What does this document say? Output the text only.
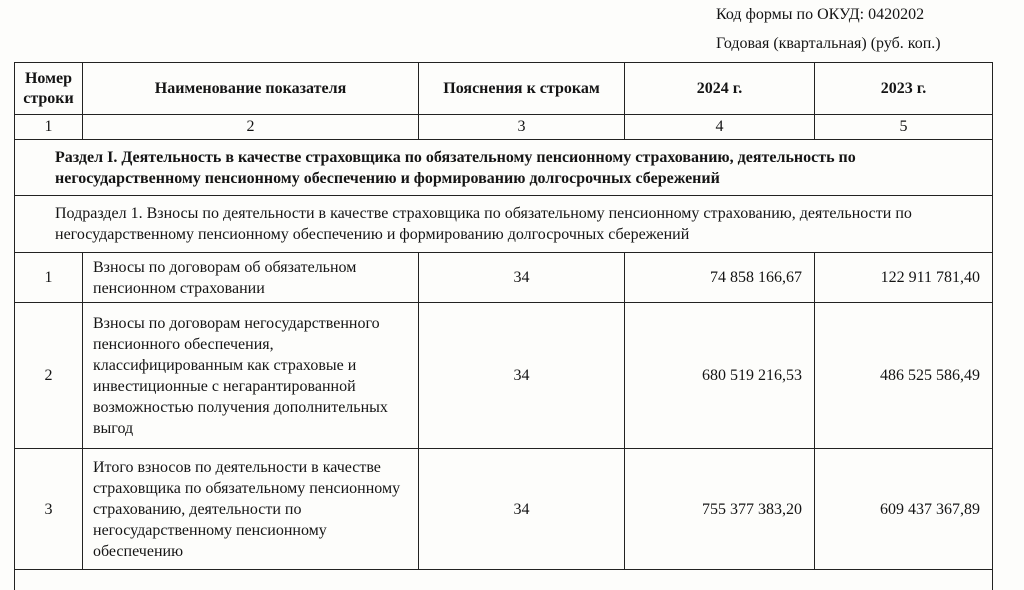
Код формы по ОКУД: 0420202
Годовая (квартальная) (руб. коп.)
Номер строки	Наименование показателя	Пояснения к строкам	2024 г.	2023 г.
1	2	3	4	5
Раздел I. Деятельность в качестве страховщика по обязательному пенсионному страхованию, деятельность по негосударственному пенсионному обеспечению и формированию долгосрочных сбережений				
Подраздел 1. Взносы по деятельности в качестве страховщика по обязательному пенсионному страхованию, деятельности по негосударственному пенсионному обеспечению и формированию долгосрочных сбережений				
1	Взносы по договорам об обязательном пенсионном страховании	34	74 858 166,67	122 911 781,40
2	Взносы по договорам негосударственного пенсионного обеспечения, классифицированным как страховые и инвестиционные с негарантированной возможностью получения дополнительных выгод	34	680 519 216,53	486 525 586,49
3	Итого взносов по деятельности в качестве страховщика по обязательному пенсионному страхованию, деятельности по негосударственному пенсионному обеспечению	34	755 377 383,20	609 437 367,89
